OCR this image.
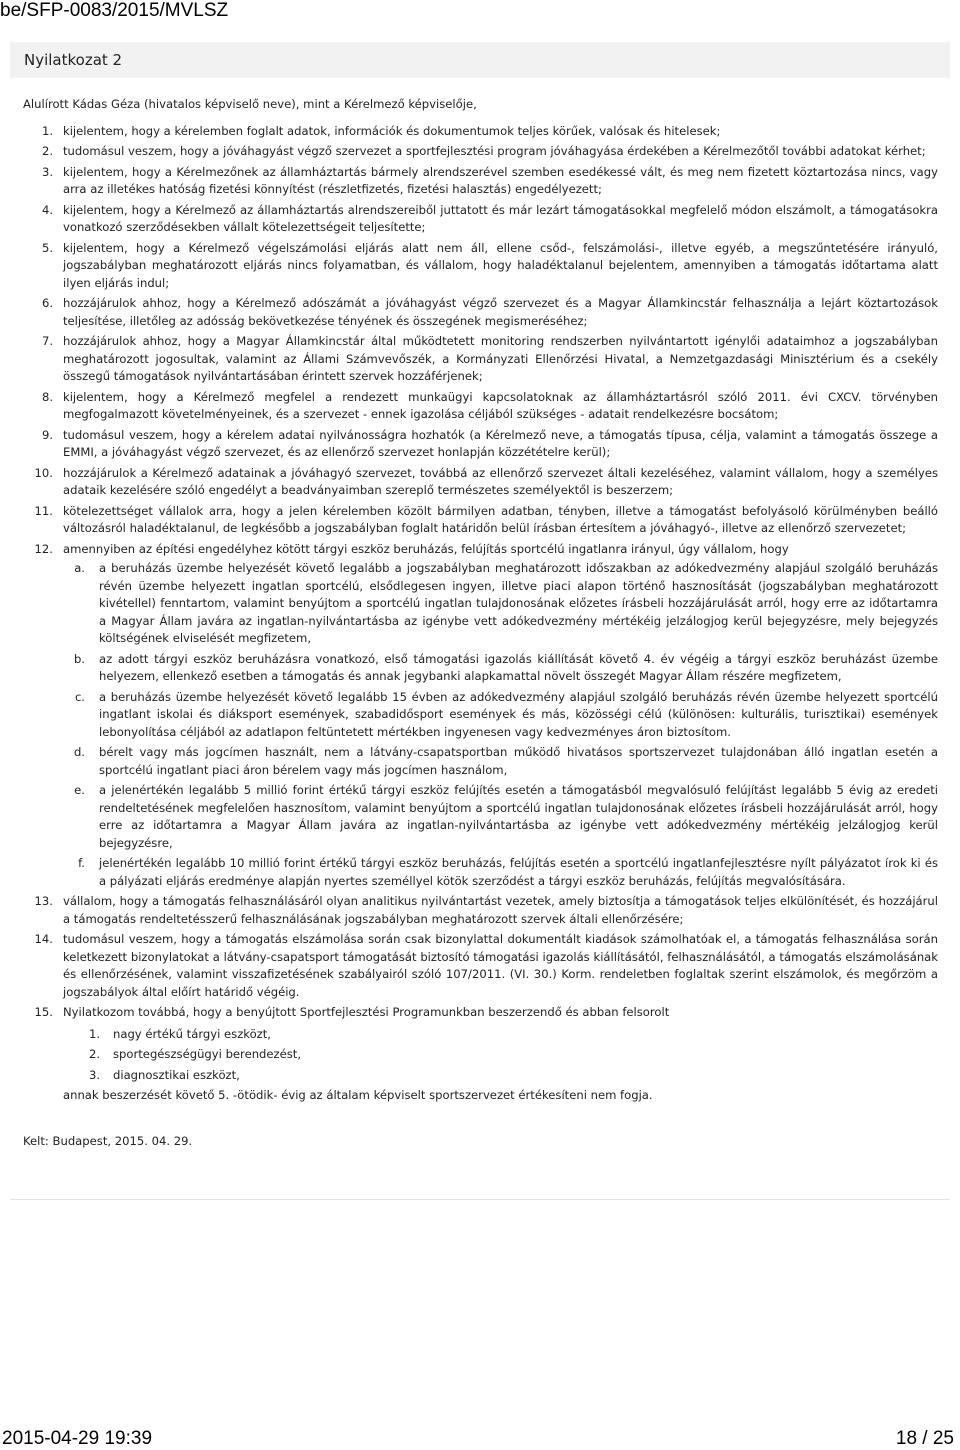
be/SFP-0083/2015/MVLSZ
Nyilatkozat 2

Alulírott Kádas Géza (hivatalos képviselő neve), mint a Kérelmező képviselője,

1. kijelentem, hogy a kérelemben foglalt adatok, információk és dokumentumok teljes körűek, valósak és hitelesek;
2. tudomásul veszem, hogy a jóváhagyást végző szervezet a sportfejlesztési program jóváhagyása érdekében a Kérelmezőtől további adatokat kérhet;
3. kijelentem, hogy a Kérelmezőnek az államháztartás bármely alrendszerével szemben esedékessé vált, és meg nem fizetett köztartozása nincs, vagy arra az illetékes hatóság fizetési könnyítést (részletfizetés, fizetési halasztás) engedélyezett;
4. kijelentem, hogy a Kérelmező az államháztartás alrendszereiből juttatott és már lezárt támogatásokkal megfelelő módon elszámolt, a támogatásokra vonatkozó szerződésekben vállalt kötelezettségeit teljesítette;
5. kijelentem, hogy a Kérelmező végelszámolási eljárás alatt nem áll, ellene csőd-, felszámolási-, illetve egyéb, a megszűntetésére irányuló, jogszabályban meghatározott eljárás nincs folyamatban, és vállalom, hogy haladéktalanul bejelentem, amennyiben a támogatás időtartama alatt ilyen eljárás indul;
6. hozzájárulok ahhoz, hogy a Kérelmező adószámát a jóváhagyást végző szervezet és a Magyar Államkincstár felhasználja a lejárt köztartozások teljesítése, illetőleg az adósság bekövetkezése tényének és összegének megismeréséhez;
7. hozzájárulok ahhoz, hogy a Magyar Államkincstár által működtetett monitoring rendszerben nyilvántartott igénylői adataimhoz a jogszabályban meghatározott jogosultak, valamint az Állami Számvevőszék, a Kormányzati Ellenőrzési Hivatal, a Nemzetgazdasági Minisztérium és a csekély összegű támogatások nyilvántartásában érintett szervek hozzáférjenek;
8. kijelentem, hogy a Kérelmező megfelel a rendezett munkaügyi kapcsolatoknak az államháztartásról szóló 2011. évi CXCV. törvényben megfogalmazott követelményeinek, és a szervezet - ennek igazolása céljából szükséges - adatait rendelkezésre bocsátom;
9. tudomásul veszem, hogy a kérelem adatai nyilvánosságra hozhatók (a Kérelmező neve, a támogatás típusa, célja, valamint a támogatás összege a EMMI, a jóváhagyást végző szervezet, és az ellenőrző szervezet honlapján közzétételre kerül);
10. hozzájárulok a Kérelmező adatainak a jóváhagyó szervezet, továbbá az ellenőrző szervezet általi kezeléséhez, valamint vállalom, hogy a személyes adataik kezelésére szóló engedélyt a beadványaimban szereplő természetes személyektől is beszerzem;
11. kötelezettséget vállalok arra, hogy a jelen kérelemben közölt bármilyen adatban, tényben, illetve a támogatást befolyásoló körülményben beálló változásról haladéktalanul, de legkésőbb a jogszabályban foglalt határidőn belül írásban értesítem a jóváhagyó-, illetve az ellenőrző szervezetet;
12. amennyiben az építési engedélyhez kötött tárgyi eszköz beruházás, felújítás sportcélú ingatlanra irányul, úgy vállalom, hogy
a. a beruházás üzembe helyezését követő legalább a jogszabályban meghatározott időszakban az adókedvezmény alapjául szolgáló beruházás révén üzembe helyezett ingatlan sportcélú, elsődlegesen ingyen, illetve piaci alapon történő hasznosítását (jogszabályban meghatározott kivétellel) fenntartom, valamint benyújtom a sportcélú ingatlan tulajdonosának előzetes írásbeli hozzájárulását arról, hogy erre az időtartamra a Magyar Állam javára az ingatlan-nyilvántartásba az igénybe vett adókedvezmény mértékéig jelzálogjog kerül bejegyzésre, mely bejegyzés költségének elviselését megfizetem,
b. az adott tárgyi eszköz beruházásra vonatkozó, első támogatási igazolás kiállítását követő 4. év végéig a tárgyi eszköz beruházást üzembe helyezem, ellenkező esetben a támogatás és annak jegybanki alapkamattal növelt összegét Magyar Állam részére megfizetem,
c. a beruházás üzembe helyezését követő legalább 15 évben az adókedvezmény alapjául szolgáló beruházás révén üzembe helyezett sportcélú ingatlant iskolai és diáksport események, szabadidősport események és más, közösségi célú (különösen: kulturális, turisztikai) események lebonyolítása céljából az adatlapon feltüntetett mértékben ingyenesen vagy kedvezményes áron biztosítom.
d. bérelt vagy más jogcímen használt, nem a látvány-csapatsportban működő hivatásos sportszervezet tulajdonában álló ingatlan esetén a sportcélú ingatlant piaci áron bérelem vagy más jogcímen használom,
e. a jelenértékén legalább 5 millió forint értékű tárgyi eszköz felújítés esetén a támogatásból megvalósuló felújítást legalább 5 évig az eredeti rendeltetésének megfelelően hasznosítom, valamint benyújtom a sportcélú ingatlan tulajdonosának előzetes írásbeli hozzájárulását arról, hogy erre az időtartamra a Magyar Állam javára az ingatlan-nyilvántartásba az igénybe vett adókedvezmény mértékéig jelzálogjog kerül bejegyzésre,
f. jelenértékén legalább 10 millió forint értékű tárgyi eszköz beruházás, felújítás esetén a sportcélú ingatlanfejlesztésre nyílt pályázatot írok ki és a pályázati eljárás eredménye alapján nyertes személlyel kötök szerződést a tárgyi eszköz beruházás, felújítás megvalósítására.
13. vállalom, hogy a támogatás felhasználásáról olyan analitikus nyilvántartást vezetek, amely biztosítja a támogatások teljes elkülönítését, és hozzájárul a támogatás rendeltetésszerű felhasználásának jogszabályban meghatározott szervek általi ellenőrzésére;
14. tudomásul veszem, hogy a támogatás elszámolása során csak bizonylattal dokumentált kiadások számolhatóak el, a támogatás felhasználása során keletkezett bizonylatokat a látvány-csapatsport támogatását biztosító támogatási igazolás kiállításától, felhasználásától, a támogatás elszámolásának és ellenőrzésének, valamint visszafizetésének szabályairól szóló 107/2011. (VI. 30.) Korm. rendeletben foglaltak szerint elszámolok, és megőrzöm a jogszabályok által előírt határidő végéig.
15. Nyilatkozom továbbá, hogy a benyújtott Sportfejlesztési Programunkban beszerzendő és abban felsorolt
1. nagy értékű tárgyi eszközt,
2. sportegészségügyi berendezést,
3. diagnosztikai eszközt,
annak beszerzését követő 5. -ötödik- évig az általam képviselt sportszervezet értékesíteni nem fogja.

Kelt: Budapest, 2015. 04. 29.

2015-04-29 19:39	18 / 25
